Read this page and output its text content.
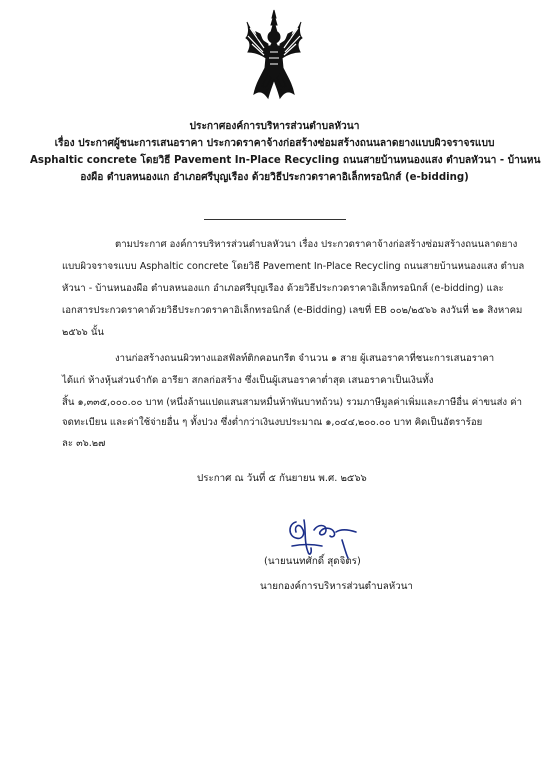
ประกาศองค์การบริหารส่วนตำบลหัวนา
เรื่อง ประกาศผู้ชนะการเสนอราคา ประกวดราคาจ้างก่อสร้างซ่อมสร้างถนนลาดยางแบบผิวจราจรแบบ
Asphaltic concrete โดยวิธี Pavement In-Place Recycling ถนนสายบ้านหนองแสง ตำบลหัวนา - บ้านหน
องผือ ตำบลหนองแก อำเภอศรีบุญเรือง ด้วยวิธีประกวดราคาอิเล็กทรอนิกส์ (e-bidding)
ตามประกาศ องค์การบริหารส่วนตำบลหัวนา เรื่อง ประกวดราคาจ้างก่อสร้างซ่อมสร้างถนนลาดยาง
แบบผิวจราจรแบบ Asphaltic concrete โดยวิธี Pavement In-Place Recycling ถนนสายบ้านหนองแสง ตำบล
หัวนา - บ้านหนองผือ ตำบลหนองแก อำเภอศรีบุญเรือง ด้วยวิธีประกวดราคาอิเล็กทรอนิกส์ (e-bidding) และ
เอกสารประกวดราคาด้วยวิธีประกวดราคาอิเล็กทรอนิกส์ (e-Bidding) เลขที่ EB ๐๐๒/๒๕๖๖ ลงวันที่ ๒๑ สิงหาคม
๒๕๖๖ นั้น
งานก่อสร้างถนนผิวทางแอสฟัลท์ติกคอนกรีต จำนวน ๑ สาย ผู้เสนอราคาที่ชนะการเสนอราคา
ได้แก่ ห้างหุ้นส่วนจำกัด อารียา สกลก่อสร้าง ซึ่งเป็นผู้เสนอราคาต่ำสุด เสนอราคาเป็นเงินทั้ง
สิ้น ๑,๓๓๕,๐๐๐.๐๐ บาท (หนึ่งล้านแปดแสนสามหมื่นห้าพันบาทถ้วน) รวมภาษีมูลค่าเพิ่มและภาษีอื่น ค่าขนส่ง ค่า
จดทะเบียน และค่าใช้จ่ายอื่น ๆ ทั้งปวง ซึ่งต่ำกว่าเงินงบประมาณ ๑,๐๔๔,๒๐๐.๐๐ บาท คิดเป็นอัตราร้อย
ละ ๓๖.๒๗
ประกาศ ณ วันที่ ๕ กันยายน พ.ศ. ๒๕๖๖
(นายนนทศักดิ์ สุดจิตร)
นายกองค์การบริหารส่วนตำบลหัวนา
